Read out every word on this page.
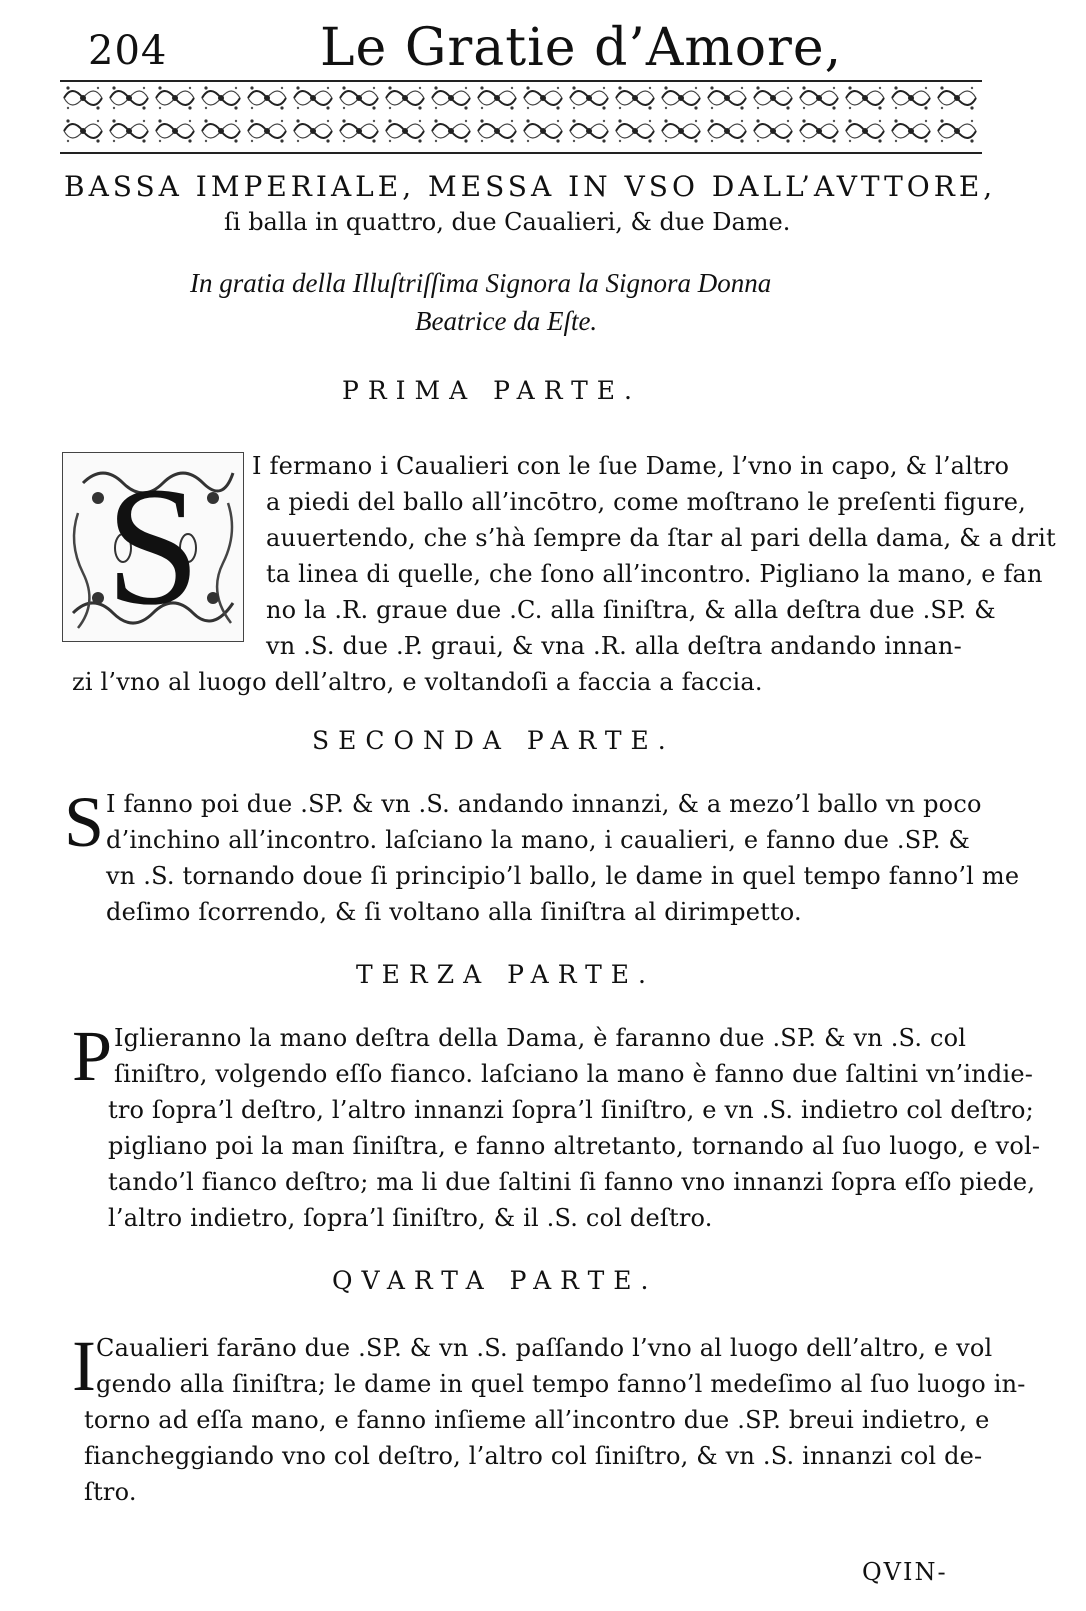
204	Le Gratie d’Amore,
BASSA IMPERIALE, MESSA IN VSO DALL’AVTTORE,
ſi balla in quattro, due Caualieri, & due Dame.
In gratia della Illuſtriſſima Signora la Signora Donna
Beatrice da Eſte.
PRIMA PARTE.
S I fermano i Caualieri con le ſue Dame, l’vno in capo, & l’altro
a piedi del ballo all’incōtro, come moſtrano le preſenti figure,
auuertendo, che s’hà ſempre da ſtar al pari della dama, & a drit
ta linea di quelle, che ſono all’incontro. Pigliano la mano, e fan
no la .R. graue due .C. alla ſiniſtra, & alla deſtra due .SP. &
vn .S. due .P. graui, & vna .R. alla deſtra andando innan-
zi l’vno al luogo dell’altro, e voltandoſi a faccia a faccia.
SECONDA PARTE.
S I fanno poi due .SP. & vn .S. andando innanzi, & a mezo’l ballo vn poco
d’inchino all’incontro. laſciano la mano, i caualieri, e fanno due .SP. &
vn .S. tornando doue ſi principio’l ballo, le dame in quel tempo fanno’l me
deſimo ſcorrendo, & ſi voltano alla ſiniſtra al dirimpetto.
TERZA PARTE.
P Iglieranno la mano deſtra della Dama, è faranno due .SP. & vn .S. col
ſiniſtro, volgendo eſſo fianco. laſciano la mano è fanno due ſaltini vn’indie-
tro ſopra’l deſtro, l’altro innanzi ſopra’l ſiniſtro, e vn .S. indietro col deſtro;
pigliano poi la man ſiniſtra, e fanno altretanto, tornando al ſuo luogo, e vol-
tando’l fianco deſtro; ma li due ſaltini ſi fanno vno innanzi ſopra eſſo piede,
l’altro indietro, ſopra’l ſiniſtro, & il .S. col deſtro.
QVARTA PARTE.
I Caualieri farāno due .SP. & vn .S. paſſando l’vno al luogo dell’altro, e vol
gendo alla ſiniſtra; le dame in quel tempo fanno’l medeſimo al ſuo luogo in-
torno ad eſſa mano, e fanno inſieme all’incontro due .SP. breui indietro, e
fiancheggiando vno col deſtro, l’altro col ſiniſtro, & vn .S. innanzi col de-
ſtro.
QVIN-
